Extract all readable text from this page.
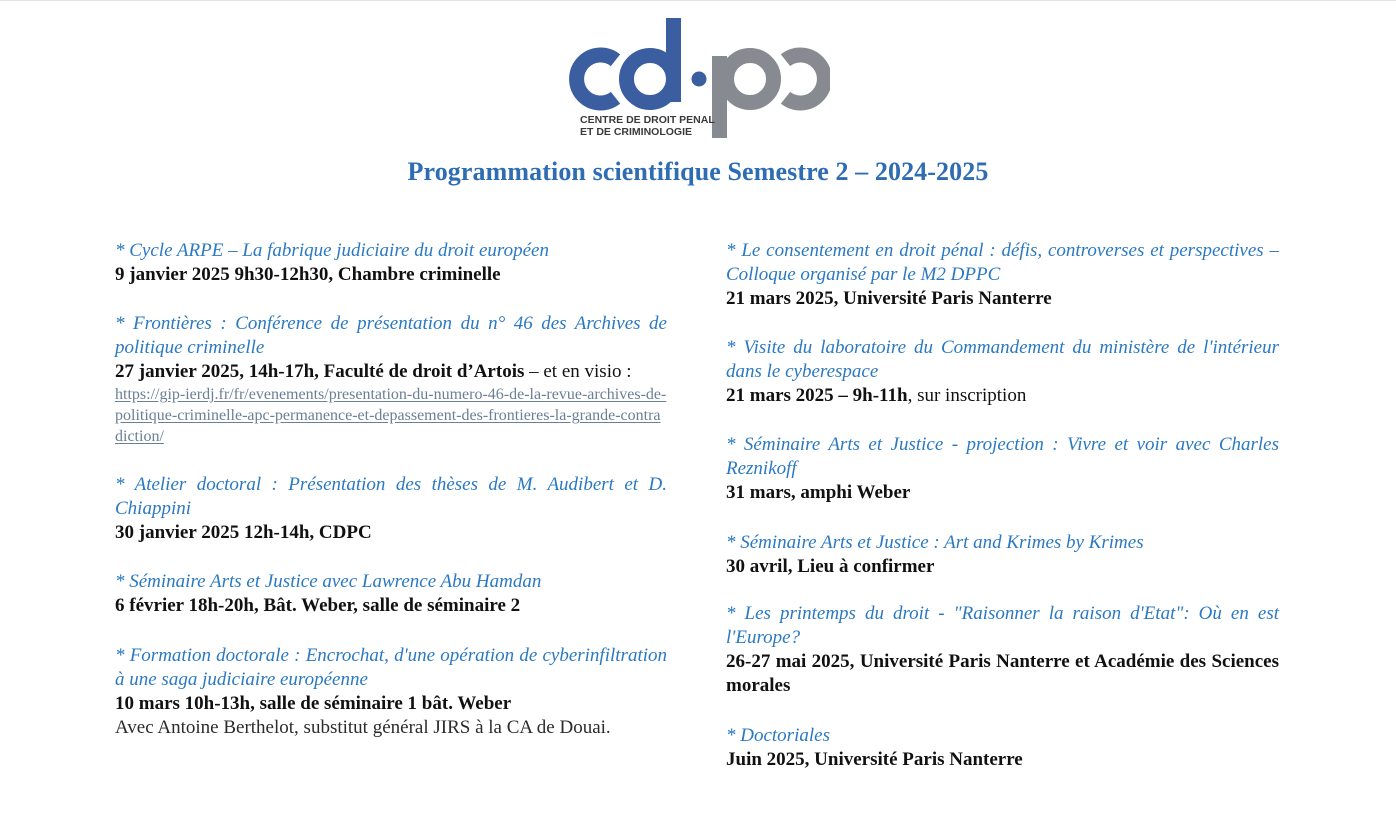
CENTRE DE DROIT PENAL
ET DE CRIMINOLOGIE
Programmation scientifique Semestre 2 – 2024-2025
* Cycle ARPE – La fabrique judiciaire du droit européen
9 janvier 2025 9h30-12h30, Chambre criminelle
* Frontières : Conférence de présentation du n° 46 des Archives de politique criminelle
27 janvier 2025, 14h-17h, Faculté de droit d’Artois – et en visio :
https://gip-ierdj.fr/fr/evenements/presentation-du-numero-46-de-la-revue-archives-de-politique-criminelle-apc-permanence-et-depassement-des-frontieres-la-grande-contradiction/
* Atelier doctoral : Présentation des thèses de M. Audibert et D. Chiappini
30 janvier 2025 12h-14h, CDPC
* Séminaire Arts et Justice avec Lawrence Abu Hamdan
6 février 18h-20h, Bât. Weber, salle de séminaire 2
* Formation doctorale : Encrochat, d'une opération de cyberinfiltration à une saga judiciaire européenne
10 mars 10h-13h, salle de séminaire 1 bât. Weber
Avec Antoine Berthelot, substitut général JIRS à la CA de Douai.
* Le consentement en droit pénal : défis, controverses et perspectives – Colloque organisé par le M2 DPPC
21 mars 2025, Université Paris Nanterre
* Visite du laboratoire du Commandement du ministère de l'intérieur dans le cyberespace
21 mars 2025 – 9h-11h, sur inscription
* Séminaire Arts et Justice - projection : Vivre et voir avec Charles Reznikoff
31 mars, amphi Weber
* Séminaire Arts et Justice : Art and Krimes by Krimes
30 avril, Lieu à confirmer
* Les printemps du droit - "Raisonner la raison d'Etat": Où en est l'Europe?
26-27 mai 2025, Université Paris Nanterre et Académie des Sciences morales
* Doctoriales
Juin 2025, Université Paris Nanterre
